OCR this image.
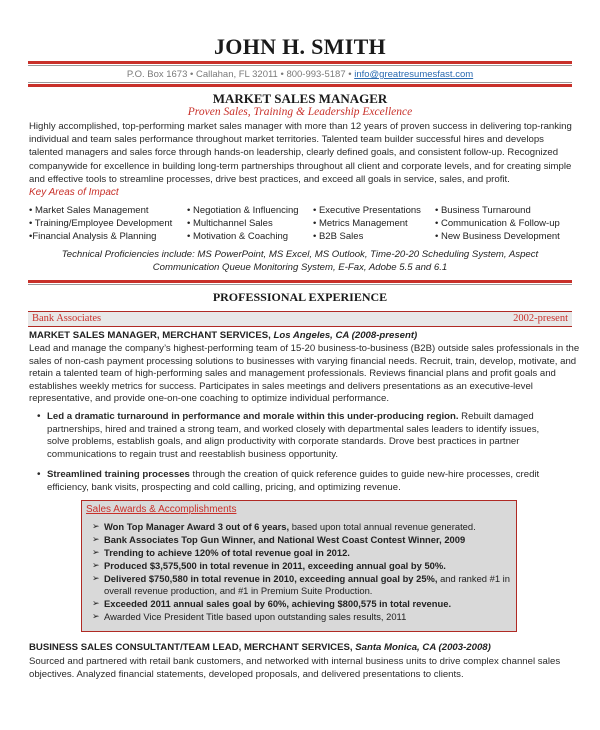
JOHN H. SMITH
P.O. Box 1673 • Callahan, FL 32011 • 800-993-5187 • info@greatresumesfast.com
MARKET SALES MANAGER
Proven Sales, Training & Leadership Excellence
Highly accomplished, top-performing market sales manager with more than 12 years of proven success in delivering top-ranking
individual and team sales performance throughout market territories. Talented team builder successful hires and develops
talented managers and sales force through hands-on leadership, clearly defined goals, and consistent follow-up. Recognized
companywide for excellence in building long-term partnerships throughout all client and corporate levels, and for creating simple
and effective tools to streamline processes, drive best practices, and exceed all goals in service, sales, and profit.
Key Areas of Impact
• Market Sales Management	• Negotiation & Influencing • Executive Presentations • Business Turnaround
• Training/Employee Development • Multichannel Sales	• Metrics Management	• Communication & Follow-up
•Financial Analysis & Planning	• Motivation & Coaching	• B2B Sales	• New Business Development
Technical Proficiencies include: MS PowerPoint, MS Excel, MS Outlook, Time-20-20 Scheduling System, Aspect
Communication Queue Monitoring System, E-Fax, Adobe 5.5 and 6.1
PROFESSIONAL EXPERIENCE
Bank Associates	2002-present
MARKET SALES MANAGER, MERCHANT SERVICES, Los Angeles, CA (2008-present)
Lead and manage the company’s highest-performing team of 15-20 business-to-business (B2B) outside sales professionals in the
sales of non-cash payment processing solutions to businesses with varying financial needs. Recruit, train, develop, motivate, and
retain a talented team of high-performing sales and management professionals. Reviews financial plans and profit goals and
establishes weekly metrics for success. Participates in sales meetings and delivers presentations as an executive-level
representative, and provide one-on-one coaching to optimize individual performance.
• Led a dramatic turnaround in performance and morale within this under-producing region. Rebuilt damaged
partnerships, hired and trained a strong team, and worked closely with departmental sales leaders to identify issues,
solve problems, establish goals, and align productivity with corporate standards. Drove best practices in partner
communications to regain trust and reestablish business opportunity.
• Streamlined training processes through the creation of quick reference guides to guide new-hire processes, credit
efficiency, bank visits, prospecting and cold calling, pricing, and optimizing revenue.
Sales Awards & Accomplishments
➢ Won Top Manager Award 3 out of 6 years, based upon total annual revenue generated.
➢ Bank Associates Top Gun Winner, and National West Coast Contest Winner, 2009
➢ Trending to achieve 120% of total revenue goal in 2012.
➢ Produced $3,575,500 in total revenue in 2011, exceeding annual goal by 50%.
➢ Delivered $750,580 in total revenue in 2010, exceeding annual goal by 25%, and ranked #1 in
overall revenue production, and #1 in Premium Suite Production.
➢ Exceeded 2011 annual sales goal by 60%, achieving $800,575 in total revenue.
➢ Awarded Vice President Title based upon outstanding sales results, 2011
BUSINESS SALES CONSULTANT/TEAM LEAD, MERCHANT SERVICES, Santa Monica, CA (2003-2008)
Sourced and partnered with retail bank customers, and networked with internal business units to drive complex channel sales
objectives. Analyzed financial statements, developed proposals, and delivered presentations to clients.
